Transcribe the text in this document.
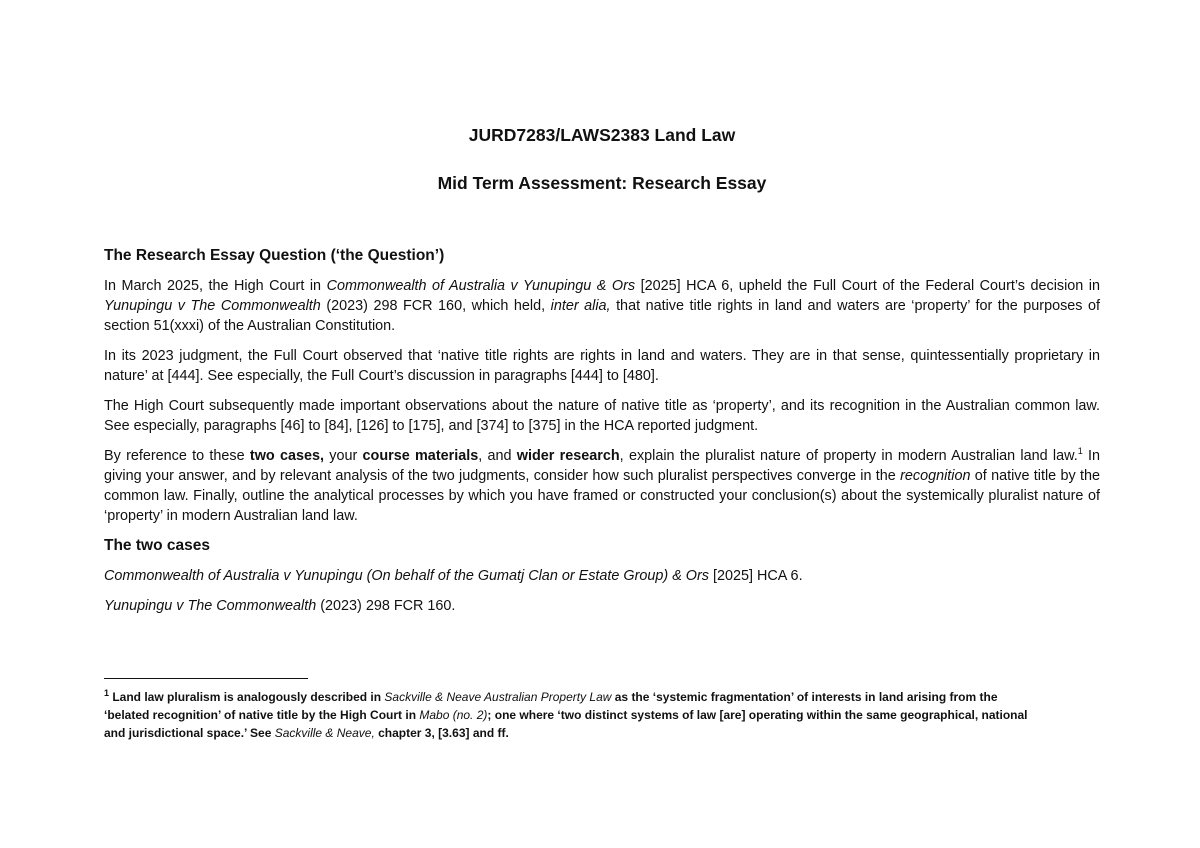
JURD7283/LAWS2383 Land Law
Mid Term Assessment: Research Essay
The Research Essay Question (‘the Question’)

In March 2025, the High Court in Commonwealth of Australia v Yunupingu & Ors [2025] HCA 6, upheld the Full Court of the Federal Court’s decision in Yunupingu v The Commonwealth (2023) 298 FCR 160, which held, inter alia, that native title rights in land and waters are ‘property’ for the purposes of section 51(xxxi) of the Australian Constitution.

In its 2023 judgment, the Full Court observed that ‘native title rights are rights in land and waters. They are in that sense, quintessentially proprietary in nature’ at [444]. See especially, the Full Court’s discussion in paragraphs [444] to [480].

The High Court subsequently made important observations about the nature of native title as ‘property’, and its recognition in the Australian common law. See especially, paragraphs [46] to [84], [126] to [175], and [374] to [375] in the HCA reported judgment.

By reference to these two cases, your course materials, and wider research, explain the pluralist nature of property in modern Australian land law.$^1$ In giving your answer, and by relevant analysis of the two judgments, consider how such pluralist perspectives converge in the recognition of native title by the common law. Finally, outline the analytical processes by which you have framed or constructed your conclusion(s) about the systemically pluralist nature of ‘property’ in modern Australian land law.

The two cases

Commonwealth of Australia v Yunupingu (On behalf of the Gumatj Clan or Estate Group) & Ors [2025] HCA 6.

Yunupingu v The Commonwealth (2023) 298 FCR 160.

$^1$ Land law pluralism is analogously described in Sackville & Neave Australian Property Law as the ‘systemic fragmentation’ of interests in land arising from the ‘belated recognition’ of native title by the High Court in Mabo (no. 2); one where ‘two distinct systems of law [are] operating within the same geographical, national and jurisdictional space.’ See Sackville & Neave, chapter 3, [3.63] and ff.
